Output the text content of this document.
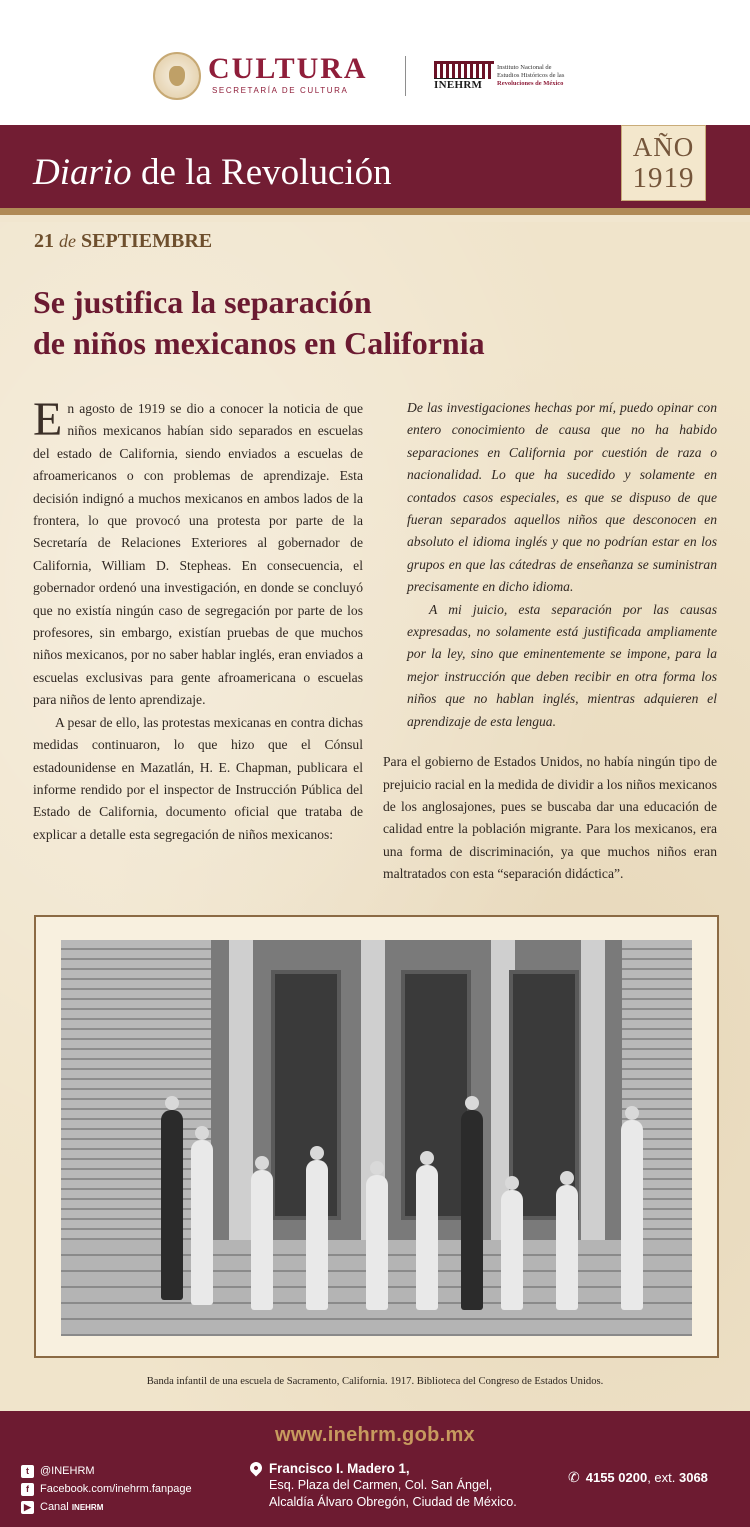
CULTURA
SECRETARÍA DE CULTURA	INEHRM
Instituto Nacional de
Estudios Históricos de las
Revoluciones de México
Diario de la Revolución
AÑO
1919
21 de SEPTIEMBRE
Se justifica la separación
de niños mexicanos en California

En agosto de 1919 se dio a conocer la noticia de que niños mexicanos habían sido separados en escuelas del estado de California, siendo enviados a escuelas de afroamericanos o con problemas de aprendizaje. Esta decisión indignó a muchos mexicanos en ambos lados de la frontera, lo que provocó una protesta por parte de la Secretaría de Relaciones Exteriores al gobernador de California, William D. Stepheas. En consecuencia, el gobernador ordenó una investigación, en donde se concluyó que no existía ningún caso de segregación por parte de los profesores, sin embargo, existían pruebas de que muchos niños mexicanos, por no saber hablar inglés, eran enviados a escuelas exclusivas para gente afroamericana o escuelas para niños de lento aprendizaje.

A pesar de ello, las protestas mexicanas en contra dichas medidas continuaron, lo que hizo que el Cónsul estadounidense en Mazatlán, H. E. Chapman, publicara el informe rendido por el inspector de Instrucción Pública del Estado de California, documento oficial que trataba de explicar a detalle esta segregación de niños mexicanos:

De las investigaciones hechas por mí, puedo opinar con entero conocimiento de causa que no ha habido separaciones en California por cuestión de raza o nacionalidad. Lo que ha sucedido y solamente en contados casos especiales, es que se dispuso de que fueran separados aquellos niños que desconocen en absoluto el idioma inglés y que no podrían estar en los grupos en que las cátedras de enseñanza se suministran precisamente en dicho idioma.

A mi juicio, esta separación por las causas expresadas, no solamente está justificada ampliamente por la ley, sino que eminentemente se impone, para la mejor instrucción que deben recibir en otra forma los niños que no hablan inglés, mientras adquieren el aprendizaje de esta lengua.

Para el gobierno de Estados Unidos, no había ningún tipo de prejuicio racial en la medida de dividir a los niños mexicanos de los anglosajones, pues se buscaba dar una educación de calidad entre la población migrante. Para los mexicanos, era una forma de discriminación, ya que muchos niños eran maltratados con esta “separación didáctica”.

Banda infantil de una escuela de Sacramento, California. 1917. Biblioteca del Congreso de Estados Unidos.
www.inehrm.gob.mx
t	@INEHRM
f	Facebook.com/inehrm.fanpage
▶ Canal
INEHRM
Francisco I. Madero 1,
Esq. Plaza del Carmen, Col. San Ángel,
Alcaldía Álvaro Obregón, Ciudad de México.
✆ 4155 0200, ext. 3068
